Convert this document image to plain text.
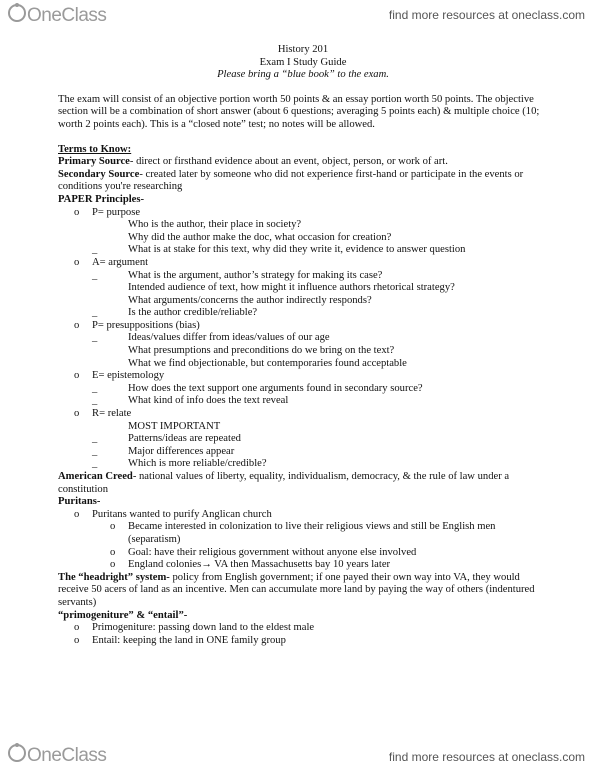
OneClass	find more resources at oneclass.com

History 201

Exam I Study Guide

Please bring a “blue book” to the exam.

The exam will consist of an objective portion worth 50 points & an essay portion worth 50 points. The objective section will be a combination of short answer (about 6 questions; averaging 5 points each) & multiple choice (10; worth 2 points each). This is a “closed note” test; no notes will be allowed.

Terms to Know:

Primary Source- direct or firsthand evidence about an event, object, person, or work of art.

Secondary Source- created later by someone who did not experience first-hand or participate in the events or conditions you're researching

PAPER Principles-

o P= purpose

Who is the author, their place in society?

Why did the author make the doc, what occasion for creation?

– What is at stake for this text, why did they write it, evidence to answer question

o A= argument

– What is the argument, author’s strategy for making its case?

Intended audience of text, how might it influence authors rhetorical strategy?

What arguments/concerns the author indirectly responds?

– Is the author credible/reliable?

o P= presuppositions (bias)

– Ideas/values differ from ideas/values of our age

What presumptions and preconditions do we bring on the text?

What we find objectionable, but contemporaries found acceptable

o E= epistemology

– How does the text support one arguments found in secondary source?

– What kind of info does the text reveal

o R= relate

MOST IMPORTANT

– Patterns/ideas are repeated

– Major differences appear

– Which is more reliable/credible?

American Creed- national values of liberty, equality, individualism, democracy, & the rule of law under a constitution

Puritans-

o Puritans wanted to purify Anglican church

o Became interested in colonization to live their religious views and still be English men (separatism)

o Goal: have their religious government without anyone else involved

o England colonies→ VA then Massachusetts bay 10 years later

The “headright” system- policy from English government; if one payed their own way into VA, they would receive 50 acers of land as an incentive. Men can accumulate more land by paying the way of others (indentured servants)

“primogeniture” & “entail”-

o Primogeniture: passing down land to the eldest male

o Entail: keeping the land in ONE family group

OneClass	find more resources at oneclass.com
